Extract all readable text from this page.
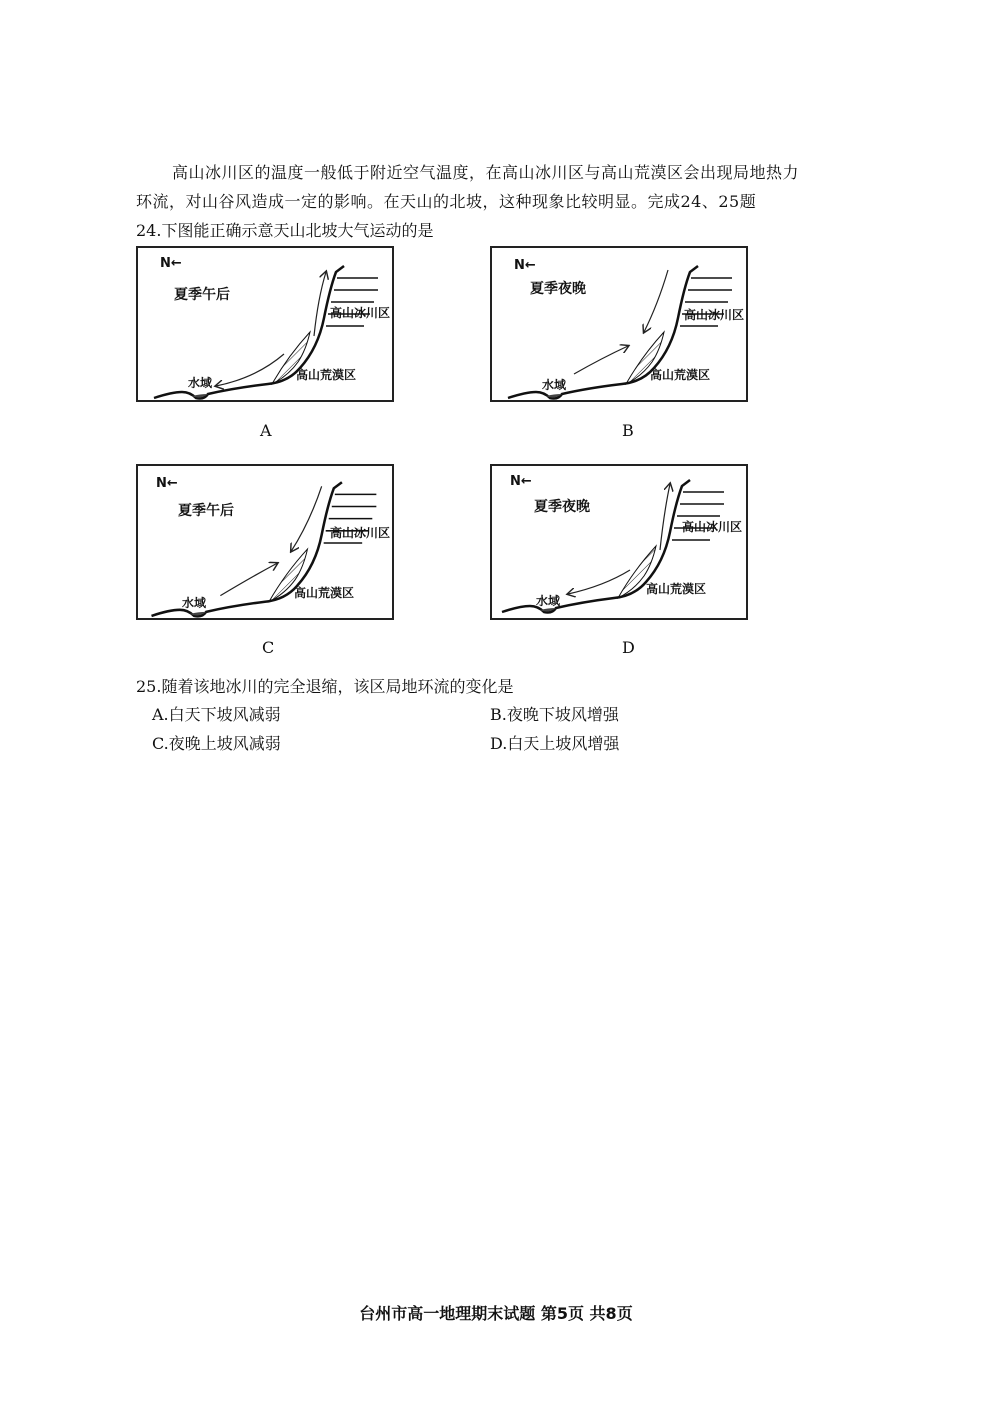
高山冰川区的温度一般低于附近空气温度，在高山冰川区与高山荒漠区会出现局地热力

环流，对山谷风造成一定的影响。在天山的北坡，这种现象比较明显。完成24、25题

24.下图能正确示意天山北坡大气运动的是
N←
夏季午后
高山冰川区
高山荒漠区
水域
A
N←
夏季夜晚
高山冰川区
高山荒漠区
水域
B
N←
夏季午后
高山冰川区
高山荒漠区
水域
C
N←
夏季夜晚
高山冰川区
高山荒漠区
水域
D
25.随着该地冰川的完全退缩，该区局地环流的变化是
A.白天下坡风减弱	B.夜晚下坡风增强
C.夜晚上坡风减弱	D.白天上坡风增强
台州市高一地理期末试题 第5页 共8页
